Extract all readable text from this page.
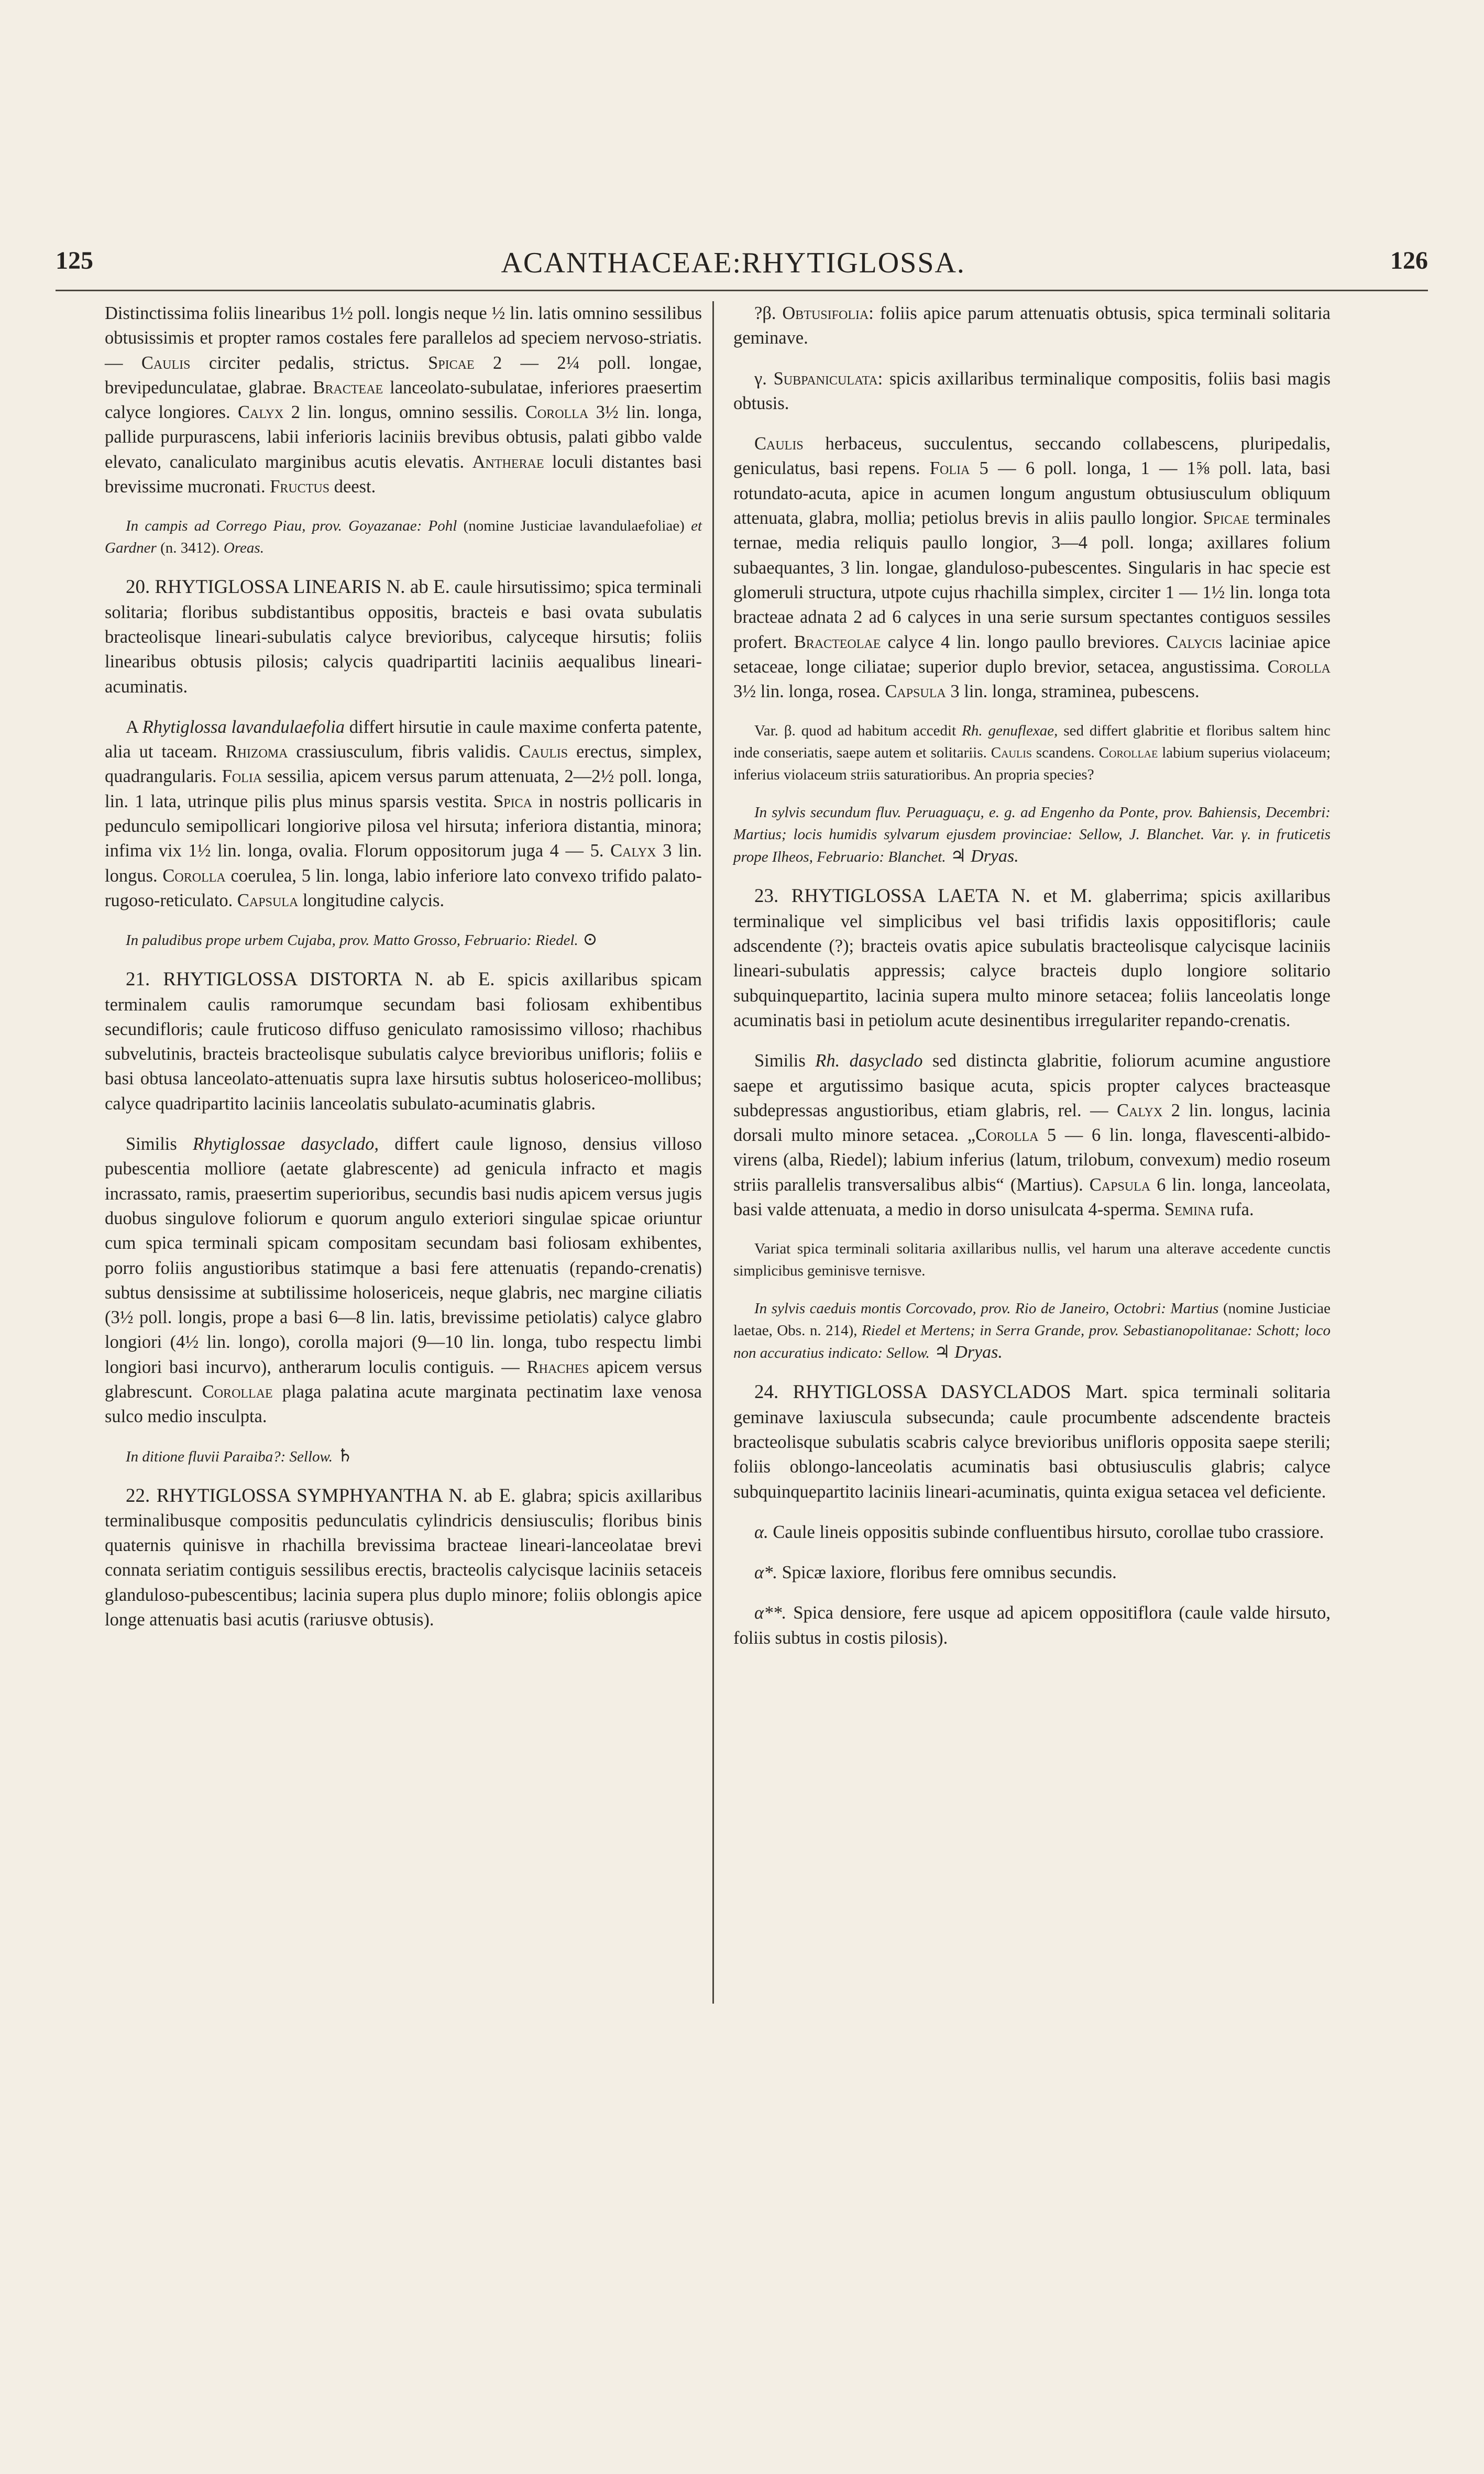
125	ACANTHACEAE: RHYTIGLOSSA.	126

Distinctissima foliis linearibus 1½ poll. longis neque ½ lin. latis omnino sessilibus obtusissimis et propter ramos costales fere parallelos ad speciem nervoso-striatis. — Caulis circiter pedalis, strictus. Spicae 2 — 2¼ poll. longae, brevipedunculatae, glabrae. Bracteae lanceolato-subulatae, inferiores praesertim calyce longiores. Calyx 2 lin. longus, omnino sessilis. Corolla 3½ lin. longa, pallide purpurascens, labii inferioris laciniis brevibus obtusis, palati gibbo valde elevato, canaliculato marginibus acutis elevatis. Antherae loculi distantes basi brevissime mucronati. Fructus deest.

In campis ad Corrego Piau, prov. Goyazanae: Pohl (nomine Justiciae lavandulaefoliae) et Gardner (n. 3412). Oreas.

20. RHYTIGLOSSA LINEARIS N. ab E. caule hirsutissimo; spica terminali solitaria; floribus subdistantibus oppositis, bracteis e basi ovata subulatis bracteolisque lineari-subulatis calyce brevioribus, calyceque hirsutis; foliis linearibus obtusis pilosis; calycis quadripartiti laciniis aequalibus lineari-acuminatis.

A Rhytiglossa lavandulaefolia differt hirsutie in caule maxime conferta patente, alia ut taceam. Rhizoma crassiusculum, fibris validis. Caulis erectus, simplex, quadrangularis. Folia sessilia, apicem versus parum attenuata, 2—2½ poll. longa, lin. 1 lata, utrinque pilis plus minus sparsis vestita. Spica in nostris pollicaris in pedunculo semipollicari longiorive pilosa vel hirsuta; inferiora distantia, minora; infima vix 1½ lin. longa, ovalia. Florum oppositorum juga 4 — 5. Calyx 3 lin. longus. Corolla coerulea, 5 lin. longa, labio inferiore lato convexo trifido palato-rugoso-reticulato. Capsula longitudine calycis.

In paludibus prope urbem Cujaba, prov. Matto Grosso, Februario: Riedel. ⊙

21. RHYTIGLOSSA DISTORTA N. ab E. spicis axillaribus spicam terminalem caulis ramorumque secundam basi foliosam exhibentibus secundifloris; caule fruticoso diffuso geniculato ramosissimo villoso; rhachibus subvelutinis, bracteis bracteolisque subulatis calyce brevioribus unifloris; foliis e basi obtusa lanceolato-attenuatis supra laxe hirsutis subtus holosericeo-mollibus; calyce quadripartito laciniis lanceolatis subulato-acuminatis glabris.

Similis Rhytiglossae dasyclado, differt caule lignoso, densius villoso pubescentia molliore (aetate glabrescente) ad genicula infracto et magis incrassato, ramis, praesertim superioribus, secundis basi nudis apicem versus jugis duobus singulove foliorum e quorum angulo exteriori singulae spicae oriuntur cum spica terminali spicam compositam secundam basi foliosam exhibentes, porro foliis angustioribus statimque a basi fere attenuatis (repando-crenatis) subtus densissime at subtilissime holosericeis, neque glabris, nec margine ciliatis (3½ poll. longis, prope a basi 6—8 lin. latis, brevissime petiolatis) calyce glabro longiori (4½ lin. longo), corolla majori (9—10 lin. longa, tubo respectu limbi longiori basi incurvo), antherarum loculis contiguis. — Rhaches apicem versus glabrescunt. Corollae plaga palatina acute marginata pectinatim laxe venosa sulco medio insculpta.

In ditione fluvii Paraiba?: Sellow. ♄

22. RHYTIGLOSSA SYMPHYANTHA N. ab E. glabra; spicis axillaribus terminalibusque compositis pedunculatis cylindricis densiusculis; floribus binis quaternis quinisve in rhachilla brevissima bracteae lineari-lanceolatae brevi connata seriatim contiguis sessilibus erectis, bracteolis calycisque laciniis setaceis glanduloso-pubescentibus; lacinia supera plus duplo minore; foliis oblongis apice longe attenuatis basi acutis (rariusve obtusis).

?β. Obtusifolia: foliis apice parum attenuatis obtusis, spica terminali solitaria geminave.

γ. Subpaniculata: spicis axillaribus terminalique compositis, foliis basi magis obtusis.

Caulis herbaceus, succulentus, seccando collabescens, pluripedalis, geniculatus, basi repens. Folia 5 — 6 poll. longa, 1 — 1⅝ poll. lata, basi rotundato-acuta, apice in acumen longum angustum obtusiusculum obliquum attenuata, glabra, mollia; petiolus brevis in aliis paullo longior. Spicae terminales ternae, media reliquis paullo longior, 3—4 poll. longa; axillares folium subaequantes, 3 lin. longae, glanduloso-pubescentes. Singularis in hac specie est glomeruli structura, utpote cujus rhachilla simplex, circiter 1 — 1½ lin. longa tota bracteae adnata 2 ad 6 calyces in una serie sursum spectantes contiguos sessiles profert. Bracteolae calyce 4 lin. longo paullo breviores. Calycis laciniae apice setaceae, longe ciliatae; superior duplo brevior, setacea, angustissima. Corolla 3½ lin. longa, rosea. Capsula 3 lin. longa, straminea, pubescens.

Var. β. quod ad habitum accedit Rh. genuflexae, sed differt glabritie et floribus saltem hinc inde conseriatis, saepe autem et solitariis. Caulis scandens. Corollae labium superius violaceum; inferius violaceum striis saturatioribus. An propria species?

In sylvis secundum fluv. Peruaguaçu, e. g. ad Engenho da Ponte, prov. Bahiensis, Decembri: Martius; locis humidis sylvarum ejusdem provinciae: Sellow, J. Blanchet. Var. γ. in fruticetis prope Ilheos, Februario: Blanchet. ♃ Dryas.

23. RHYTIGLOSSA LAETA N. et M. glaberrima; spicis axillaribus terminalique vel simplicibus vel basi trifidis laxis oppositifloris; caule adscendente (?); bracteis ovatis apice subulatis bracteolisque calycisque laciniis lineari-subulatis appressis; calyce bracteis duplo longiore solitario subquinquepartito, lacinia supera multo minore setacea; foliis lanceolatis longe acuminatis basi in petiolum acute desinentibus irregulariter repando-crenatis.

Similis Rh. dasyclado sed distincta glabritie, foliorum acumine angustiore saepe et argutissimo basique acuta, spicis propter calyces bracteasque subdepressas angustioribus, etiam glabris, rel. — Calyx 2 lin. longus, lacinia dorsali multo minore setacea. „Corolla 5 — 6 lin. longa, flavescenti-albido-virens (alba, Riedel); labium inferius (latum, trilobum, convexum) medio roseum striis parallelis transversalibus albis“ (Martius). Capsula 6 lin. longa, lanceolata, basi valde attenuata, a medio in dorso unisulcata 4-sperma. Semina rufa.

Variat spica terminali solitaria axillaribus nullis, vel harum una alterave accedente cunctis simplicibus geminisve ternisve.

In sylvis caeduis montis Corcovado, prov. Rio de Janeiro, Octobri: Martius (nomine Justiciae laetae, Obs. n. 214), Riedel et Mertens; in Serra Grande, prov. Sebastianopolitanae: Schott; loco non accuratius indicato: Sellow. ♃ Dryas.

24. RHYTIGLOSSA DASYCLADOS Mart. spica terminali solitaria geminave laxiuscula subsecunda; caule procumbente adscendente bracteis bracteolisque subulatis scabris calyce brevioribus unifloris opposita saepe sterili; foliis oblongo-lanceolatis acuminatis basi obtusiusculis glabris; calyce subquinquepartito laciniis lineari-acuminatis, quinta exigua setacea vel deficiente.

α. Caule lineis oppositis subinde confluentibus hirsuto, corollae tubo crassiore.

α*. Spicæ laxiore, floribus fere omnibus secundis.

α**. Spica densiore, fere usque ad apicem oppositiflora (caule valde hirsuto, foliis subtus in costis pilosis).
